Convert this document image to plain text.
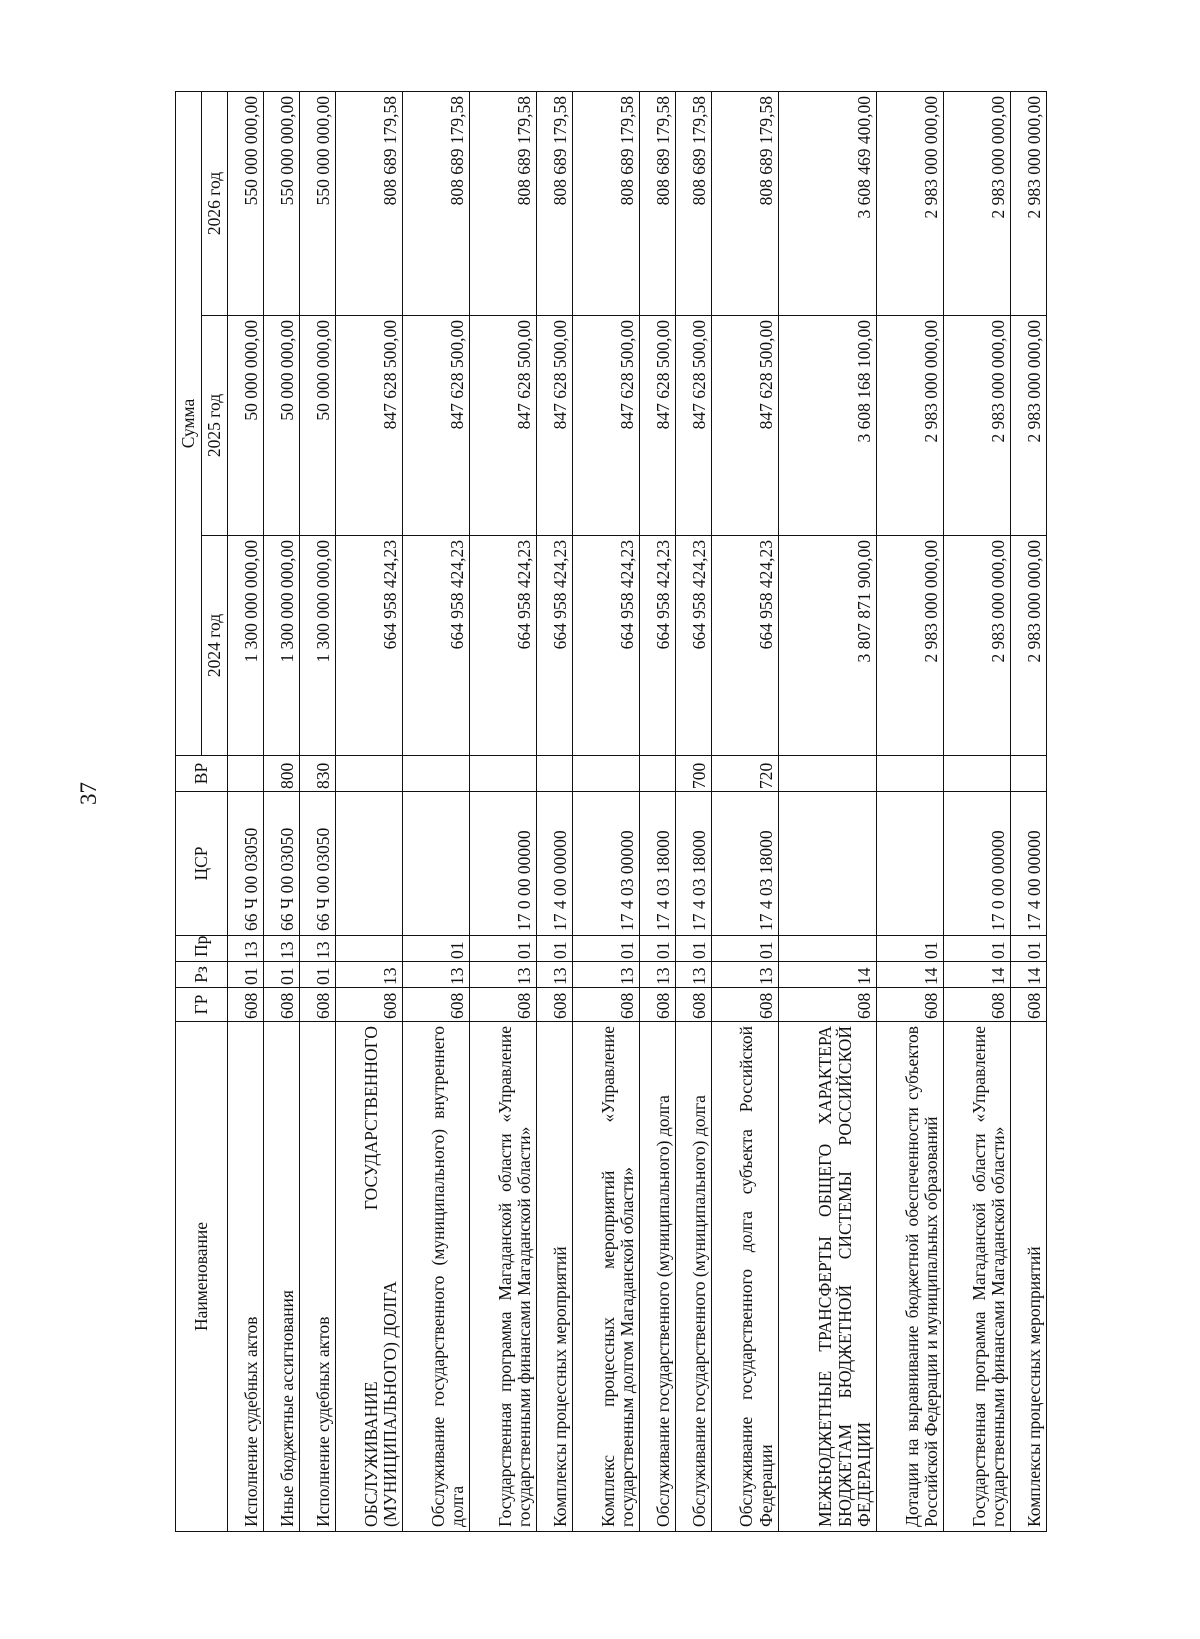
37
Наименование	ГР	Рз	Пр	ЦСР	ВР	Сумма		
						2024 год	2025 год	2026 год
Исполнение судебных актов	608	01	13	66 Ч 00 03050		1 300 000 000,00	50 000 000,00	550 000 000,00
Иные бюджетные ассигнования	608	01	13	66 Ч 00 03050	800	1 300 000 000,00	50 000 000,00	550 000 000,00
Исполнение судебных актов	608	01	13	66 Ч 00 03050	830	1 300 000 000,00	50 000 000,00	550 000 000,00
ОБСЛУЖИВАНИЕ ГОСУДАРСТВЕННОГО (МУНИЦИПАЛЬНОГО) ДОЛГА	608	13				664 958 424,23	847 628 500,00	808 689 179,58
Обслуживание государственного (муниципального) внутреннего долга	608	13	01			664 958 424,23	847 628 500,00	808 689 179,58
Государственная программа Магаданской области «Управление государственными финансами Магаданской области»	608	13	01	17 0 00 00000		664 958 424,23	847 628 500,00	808 689 179,58
Комплексы процессных мероприятий	608	13	01	17 4 00 00000		664 958 424,23	847 628 500,00	808 689 179,58
Комплекс процессных мероприятий «Управление государственным долгом Магаданской области»	608	13	01	17 4 03 00000		664 958 424,23	847 628 500,00	808 689 179,58
Обслуживание государственного (муниципального) долга	608	13	01	17 4 03 18000		664 958 424,23	847 628 500,00	808 689 179,58
Обслуживание государственного (муниципального) долга	608	13	01	17 4 03 18000	700	664 958 424,23	847 628 500,00	808 689 179,58
Обслуживание государственного долга субъекта Российской Федерации	608	13	01	17 4 03 18000	720	664 958 424,23	847 628 500,00	808 689 179,58
МЕЖБЮДЖЕТНЫЕ ТРАНСФЕРТЫ ОБЩЕГО ХАРАКТЕРА БЮДЖЕТАМ БЮДЖЕТНОЙ СИСТЕМЫ РОССИЙСКОЙ ФЕДЕРАЦИИ	608	14				3 807 871 900,00	3 608 168 100,00	3 608 469 400,00
Дотации на выравнивание бюджетной обеспеченности субъектов Российской Федерации и муниципальных образований	608	14	01			2 983 000 000,00	2 983 000 000,00	2 983 000 000,00
Государственная программа Магаданской области «Управление государственными финансами Магаданской области»	608	14	01	17 0 00 00000		2 983 000 000,00	2 983 000 000,00	2 983 000 000,00
Комплексы процессных мероприятий	608	14	01	17 4 00 00000		2 983 000 000,00	2 983 000 000,00	2 983 000 000,00
